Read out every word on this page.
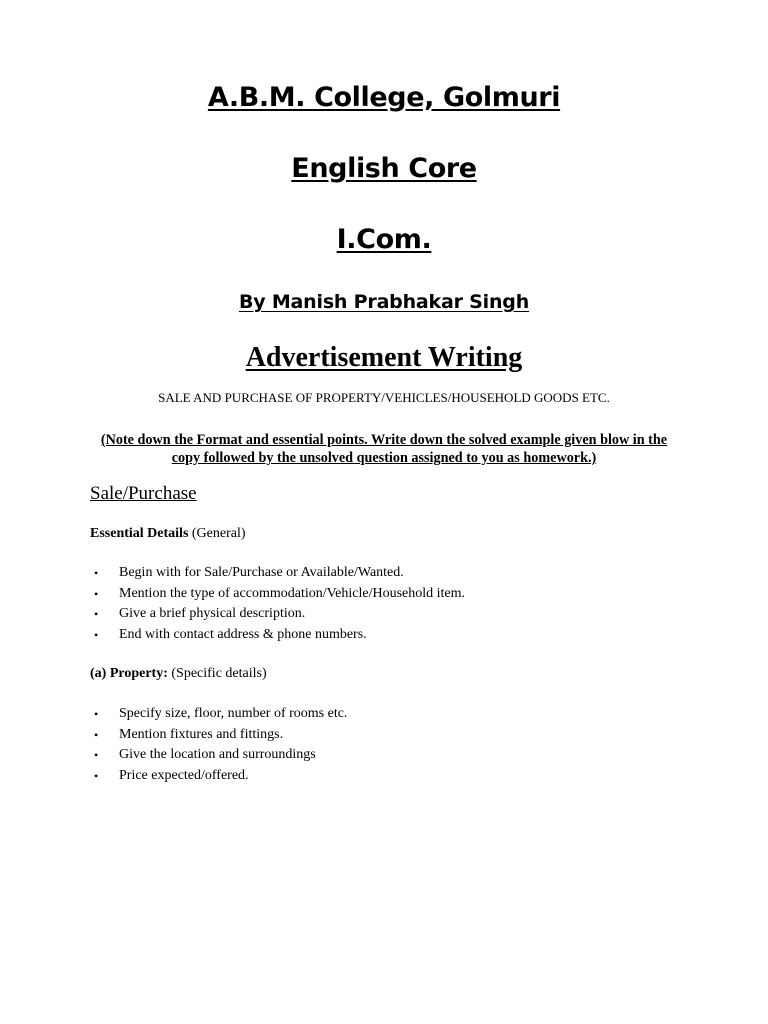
A.B.M. College, Golmuri
English Core
I.Com.
By Manish Prabhakar Singh
Advertisement Writing
SALE AND PURCHASE OF PROPERTY/VEHICLES/HOUSEHOLD GOODS ETC.
(Note down the Format and essential points. Write down the solved example given blow in the copy followed by the unsolved question assigned to you as homework.)
Sale/Purchase
Essential Details (General)
• Begin with for Sale/Purchase or Available/Wanted.
• Mention the type of accommodation/Vehicle/Household item.
• Give a brief physical description.
• End with contact address & phone numbers.
(a) Property: (Specific details)
• Specify size, floor, number of rooms etc.
• Mention fixtures and fittings.
• Give the location and surroundings
• Price expected/offered.
